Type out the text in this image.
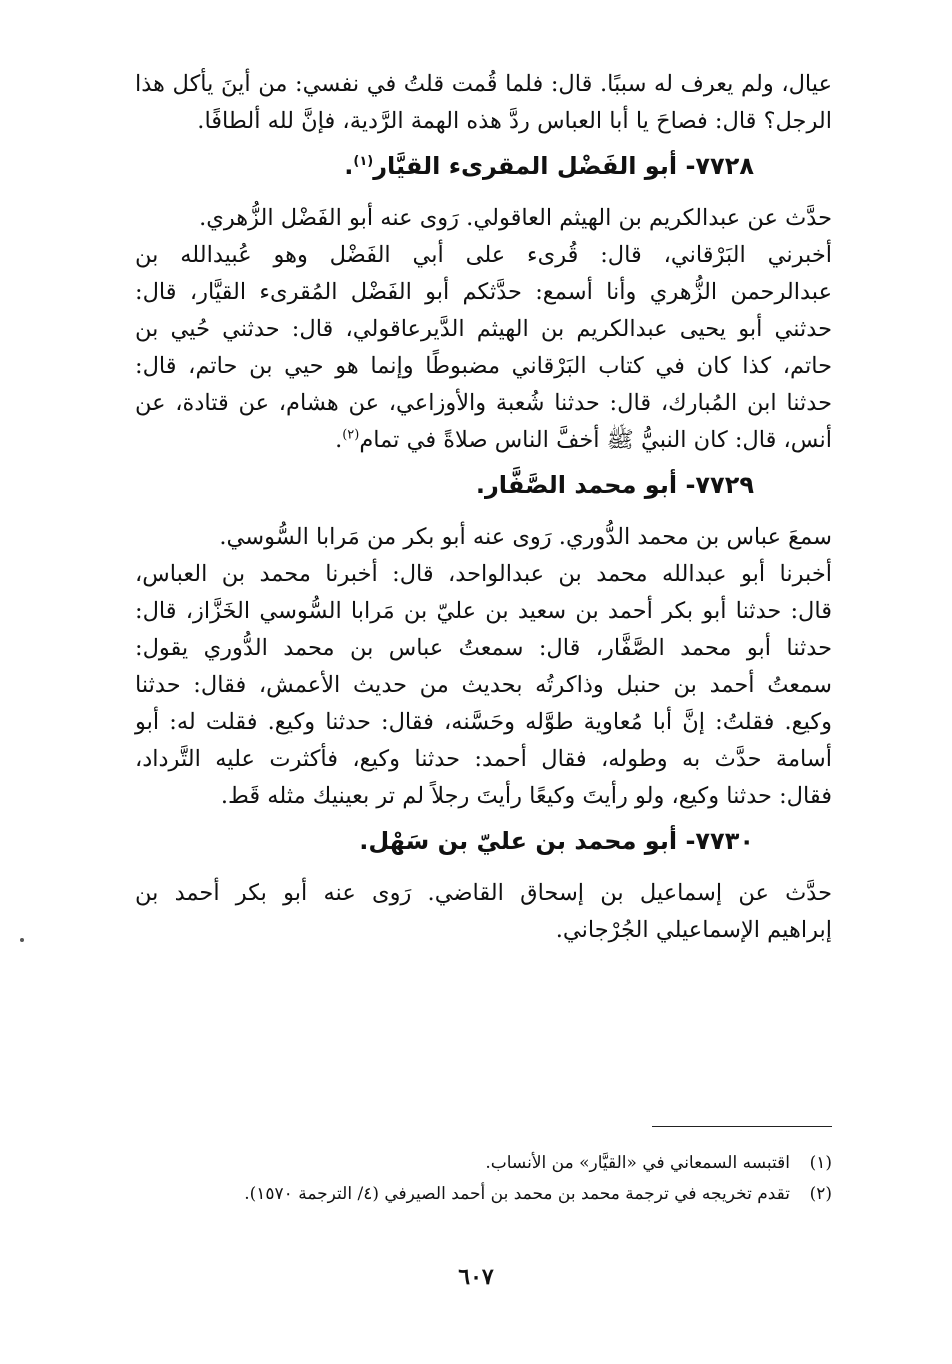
عيال، ولم يعرف له سببًا. قال: فلما قُمت قلتُ في نفسي: من أينَ يأكل هذا
الرجل؟ قال: فصاحَ يا أبا العباس ردَّ هذه الهمة الرَّدية، فإنَّ لله ألطافًا.
٧٧٢٨- أبو الفَضْل المقرىء القيَّار$^{(١)}$.
حدَّث عن عبدالكريم بن الهيثم العاقولي. رَوى عنه أبو الفَضْل الزُّهري.
أخبرني البَرْقاني، قال: قُرىء على أبي الفَضْل وهو عُبيدالله بن
عبدالرحمن الزُّهري وأنا أسمع: حدَّثكم أبو الفَضْل المُقرىء القيَّار، قال:
حدثني أبو يحيى عبدالكريم بن الهيثم الدَّيرعاقولي، قال: حدثني حُيي بن
حاتم، كذا كان في كتاب البَرْقاني مضبوطًا وإنما هو حيي بن حاتم، قال:
حدثنا ابن المُبارك، قال: حدثنا شُعبة والأوزاعي، عن هشام، عن قتادة، عن
أنس، قال: كان النبيُّ ﷺ أخفَّ الناس صلاةً في تمام$^{(٢)}$.
٧٧٢٩- أبو محمد الصَّفَّار.
سمعَ عباس بن محمد الدُّوري. رَوى عنه أبو بكر من مَرابا السُّوسي.
أخبرنا أبو عبدالله محمد بن عبدالواحد، قال: أخبرنا محمد بن العباس،
قال: حدثنا أبو بكر أحمد بن سعيد بن عليّ بن مَرابا السُّوسي الخَزَّاز، قال:
حدثنا أبو محمد الصَّفَّار، قال: سمعتُ عباس بن محمد الدُّوري يقول:
سمعتُ أحمد بن حنبل وذاكرتُه بحديث من حديث الأعمش، فقال: حدثنا
وكيع. فقلتُ: إنَّ أبا مُعاوية طوَّله وحَسَّنه، فقال: حدثنا وكيع. فقلت له: أبو
أسامة حدَّث به وطوله، فقال أحمد: حدثنا وكيع، فأكثرت عليه التَّرداد،
فقال: حدثنا وكيع، ولو رأيتَ وكيعًا رأيتَ رجلاً لم تر بعينيك مثله قَط.
٧٧٣٠- أبو محمد بن عليّ بن سَهْل.
حدَّث عن إسماعيل بن إسحاق القاضي. رَوى عنه أبو بكر أحمد بن
إبراهيم الإسماعيلي الجُرْجاني.
(١)
اقتبسه السمعاني في «القيَّار» من الأنساب.
(٢)
تقدم تخريجه في ترجمة محمد بن محمد بن أحمد الصيرفي (٤/ الترجمة ١٥٧٠).
٦٠٧
